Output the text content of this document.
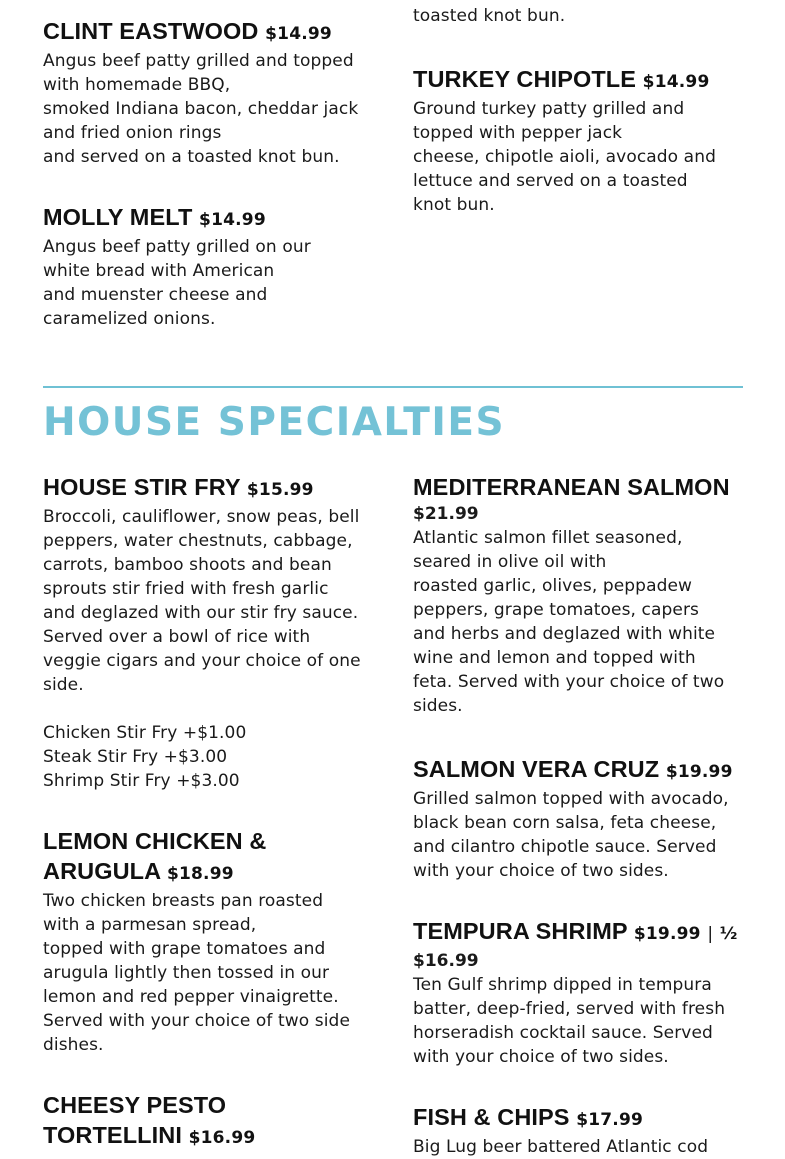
CLINT EASTWOOD $14.99
Angus beef patty grilled and topped
with homemade BBQ,
smoked Indiana bacon, cheddar jack
and fried onion rings
and served on a toasted knot bun.
MOLLY MELT $14.99
Angus beef patty grilled on our
white bread with American
and muenster cheese and
caramelized onions.
toasted knot bun.
TURKEY CHIPOTLE $14.99
Ground turkey patty grilled and
topped with pepper jack
cheese, chipotle aioli, avocado and
lettuce and served on a toasted
knot bun.
HOUSE SPECIALTIES
HOUSE STIR FRY $15.99
Broccoli, cauliflower, snow peas, bell
peppers, water chestnuts, cabbage,
carrots, bamboo shoots and bean
sprouts stir fried with fresh garlic
and deglazed with our stir fry sauce.
Served over a bowl of rice with
veggie cigars and your choice of one
side.
Chicken Stir Fry +$1.00
Steak Stir Fry +$3.00
Shrimp Stir Fry +$3.00
LEMON CHICKEN &
ARUGULA $18.99
Two chicken breasts pan roasted
with a parmesan spread,
topped with grape tomatoes and
arugula lightly then tossed in our
lemon and red pepper vinaigrette.
Served with your choice of two side
dishes.
CHEESY PESTO
TORTELLINI $16.99
MEDITERRANEAN SALMON
$21.99
Atlantic salmon fillet seasoned,
seared in olive oil with
roasted garlic, olives, peppadew
peppers, grape tomatoes, capers
and herbs and deglazed with white
wine and lemon and topped with
feta. Served with your choice of two
sides.
SALMON VERA CRUZ $19.99
Grilled salmon topped with avocado,
black bean corn salsa, feta cheese,
and cilantro chipotle sauce. Served
with your choice of two sides.
TEMPURA SHRIMP $19.99 | ½
$16.99
Ten Gulf shrimp dipped in tempura
batter, deep-fried, served with fresh
horseradish cocktail sauce. Served
with your choice of two sides.
FISH & CHIPS $17.99
Big Lug beer battered Atlantic cod
